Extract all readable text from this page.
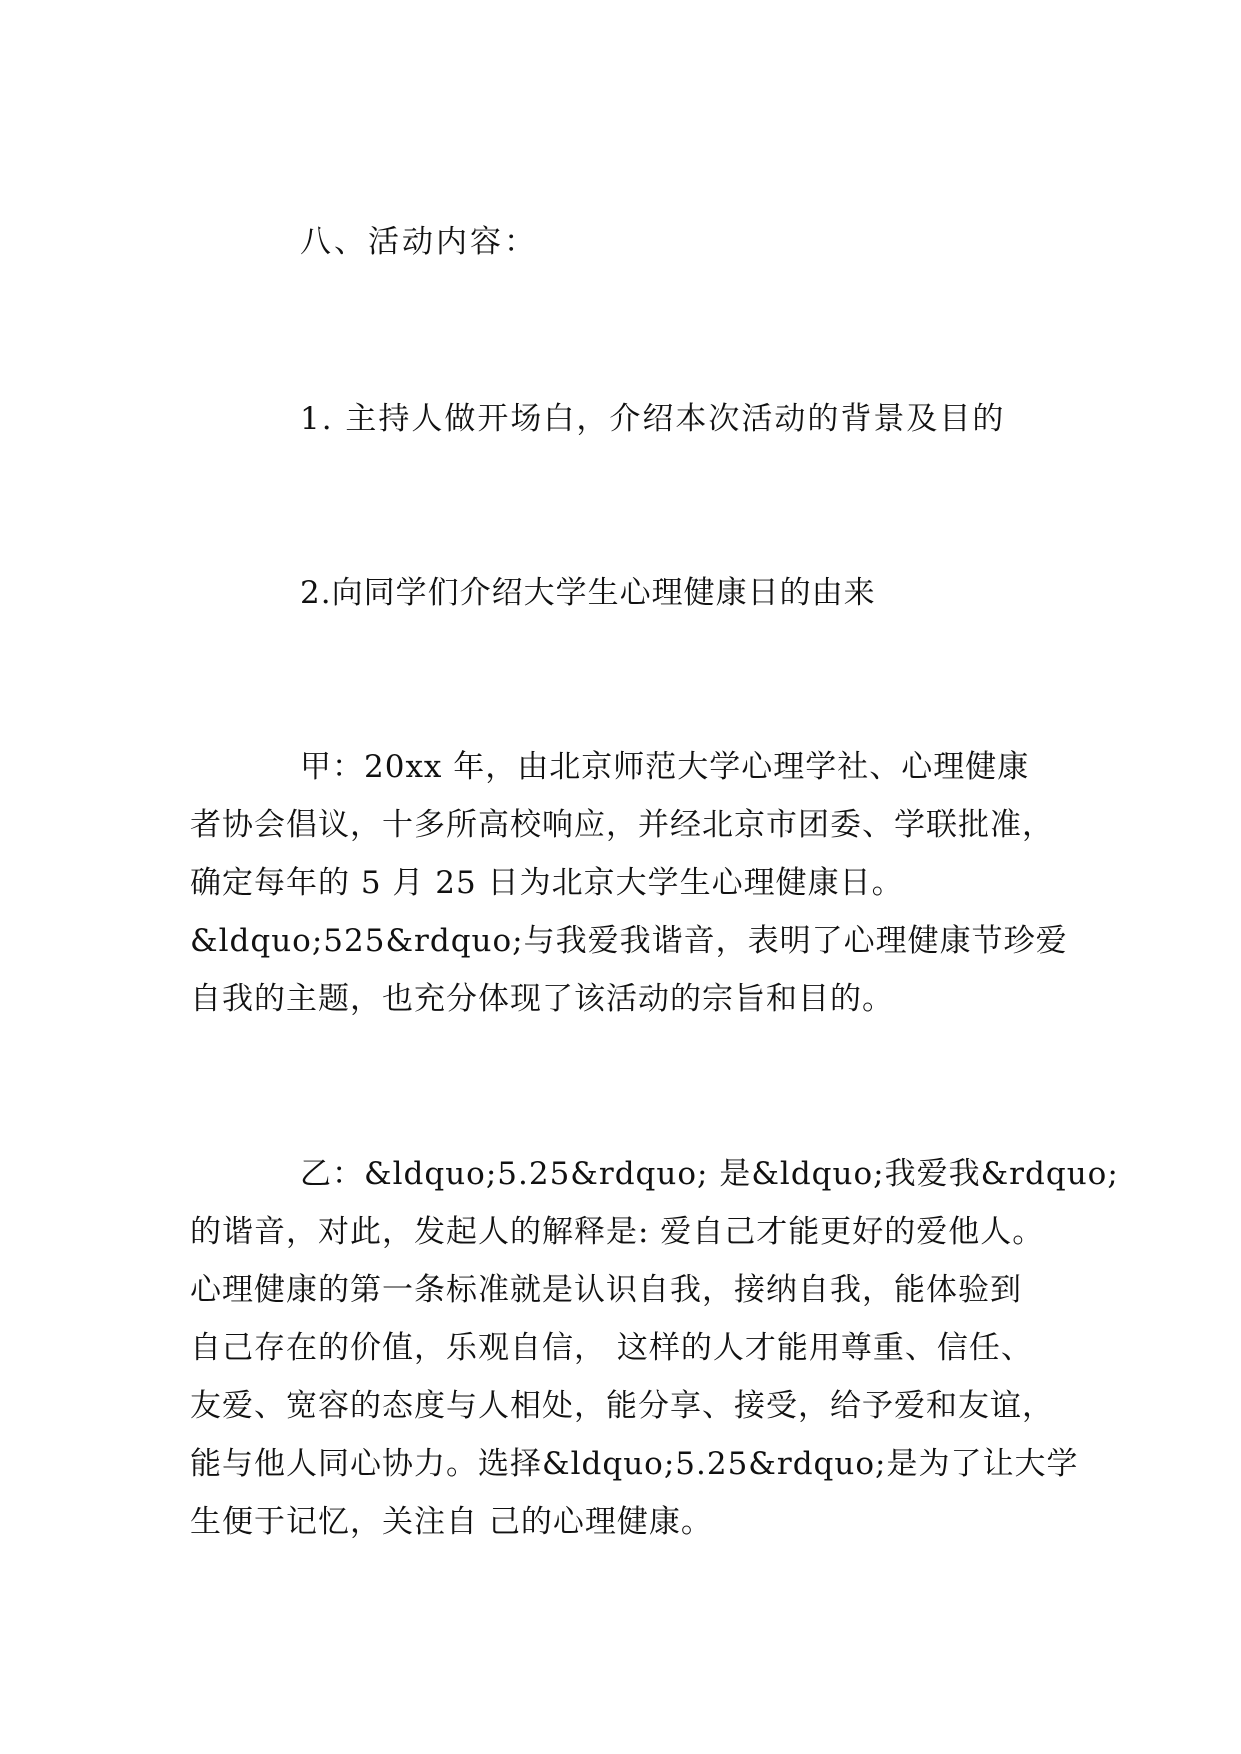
八、活动内容：
1. 主持人做开场白，介绍本次活动的背景及目的
2.向同学们介绍大学生心理健康日的由来
甲：20xx 年，由北京师范大学心理学社、心理健康
者协会倡议，十多所高校响应，并经北京市团委、学联批准，
确定每年的 5 月 25 日为北京大学生心理健康日。
&ldquo;525&rdquo;与我爱我谐音，表明了心理健康节珍爱
自我的主题，也充分体现了该活动的宗旨和目的。
乙：&ldquo;5.25&rdquo; 是&ldquo;我爱我&rdquo;
的谐音，对此，发起人的解释是: 爱自己才能更好的爱他人。
心理健康的第一条标准就是认识自我，接纳自我，能体验到
自己存在的价值，乐观自信， 这样的人才能用尊重、信任、
友爱、宽容的态度与人相处，能分享、接受，给予爱和友谊，
能与他人同心协力。选择&ldquo;5.25&rdquo;是为了让大学
生便于记忆，关注自 己的心理健康。
